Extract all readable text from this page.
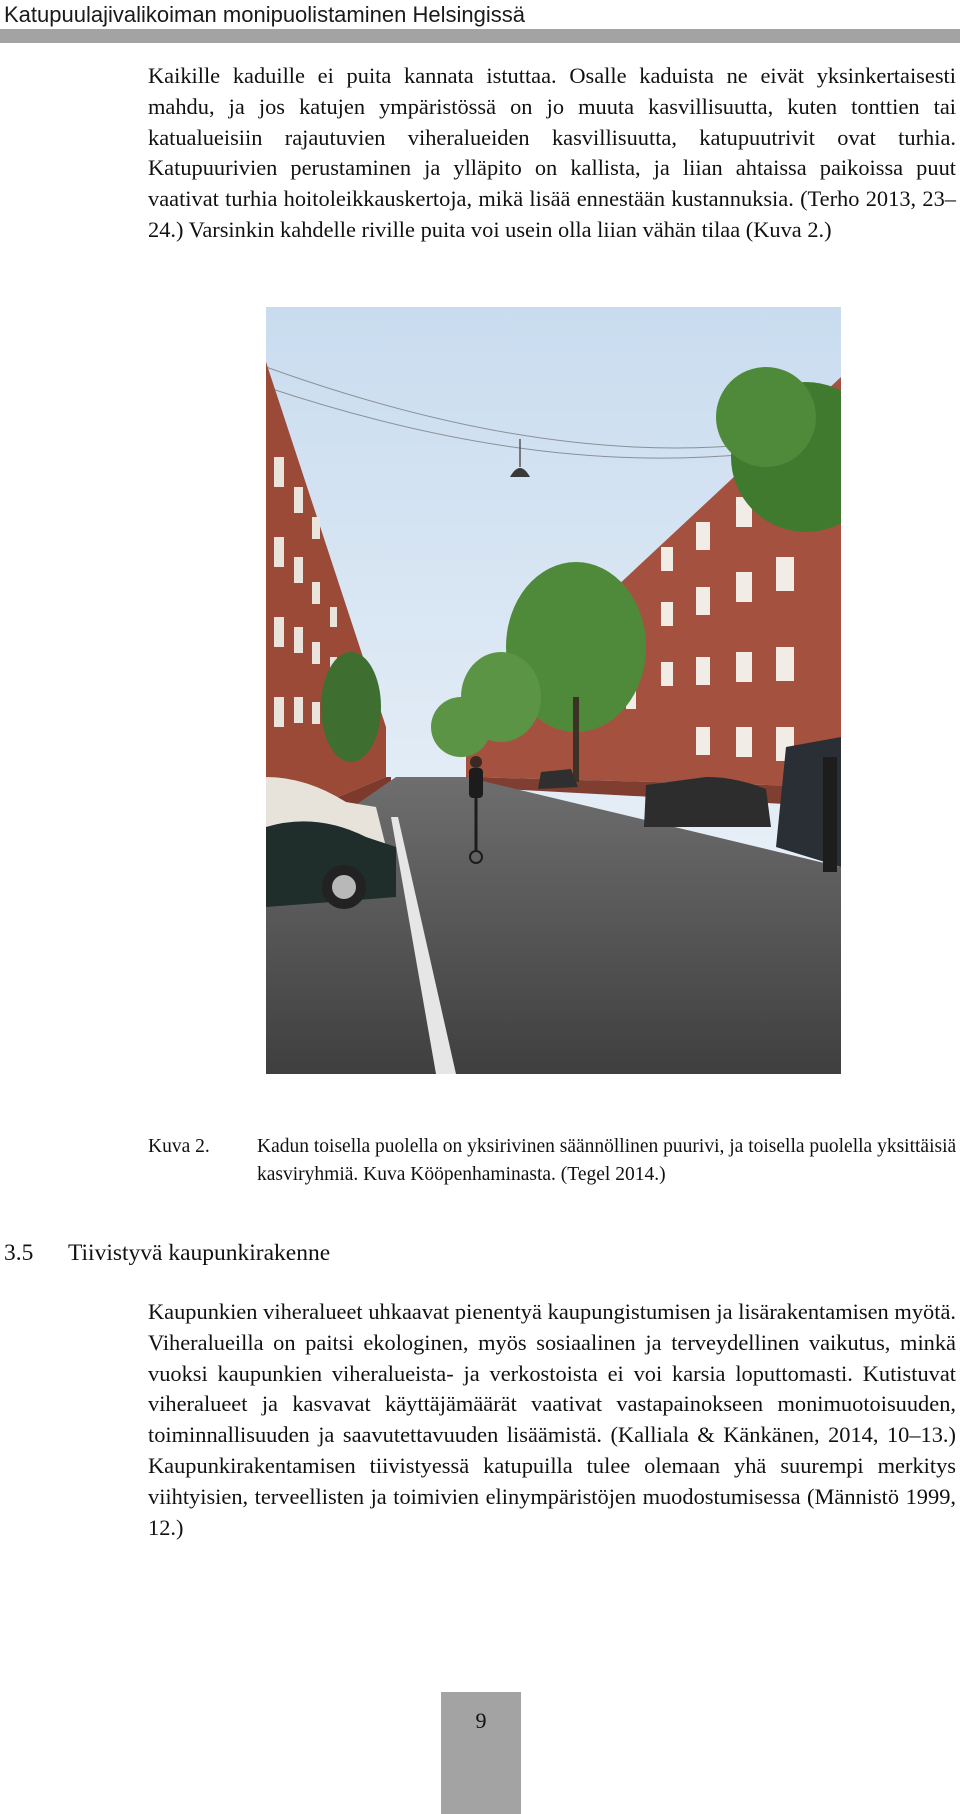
Katupuulajivalikoiman monipuolistaminen Helsingissä

Kaikille kaduille ei puita kannata istuttaa. Osalle kaduista ne eivät yksinkertaisesti mahdu, ja jos katujen ympäristössä on jo muuta kasvillisuutta, kuten tonttien tai katualueisiin rajautuvien viheralueiden kasvillisuutta, katupuutrivit ovat turhia. Katupuurivien perustaminen ja ylläpito on kallista, ja liian ahtaissa paikoissa puut vaativat turhia hoitoleikkauskertoja, mikä lisää ennestään kustannuksia. (Terho 2013, 23–24.) Varsinkin kahdelle riville puita voi usein olla liian vähän tilaa (Kuva 2.)

Kuva 2. Kadun toisella puolella on yksirivinen säännöllinen puurivi, ja toisella puolella yksittäisiä kasviryhmiä. Kuva Kööpenhaminasta. (Tegel 2014.)
3.5 Tiivistyvä kaupunkirakenne

Kaupunkien viheralueet uhkaavat pienentyä kaupungistumisen ja lisärakentamisen myötä. Viheralueilla on paitsi ekologinen, myös sosiaalinen ja terveydellinen vaikutus, minkä vuoksi kaupunkien viheralueista- ja verkostoista ei voi karsia loputtomasti. Kutistuvat viheralueet ja kasvavat käyttäjämäärät vaativat vastapainokseen monimuotoisuuden, toiminnallisuuden ja saavutettavuuden lisäämistä. (Kalliala & Känkänen, 2014, 10–13.) Kaupunkirakentamisen tiivistyessä katupuilla tulee olemaan yhä suurempi merkitys viihtyisien, terveellisten ja toimivien elinympäristöjen muodostumisessa (Männistö 1999, 12.)

9
